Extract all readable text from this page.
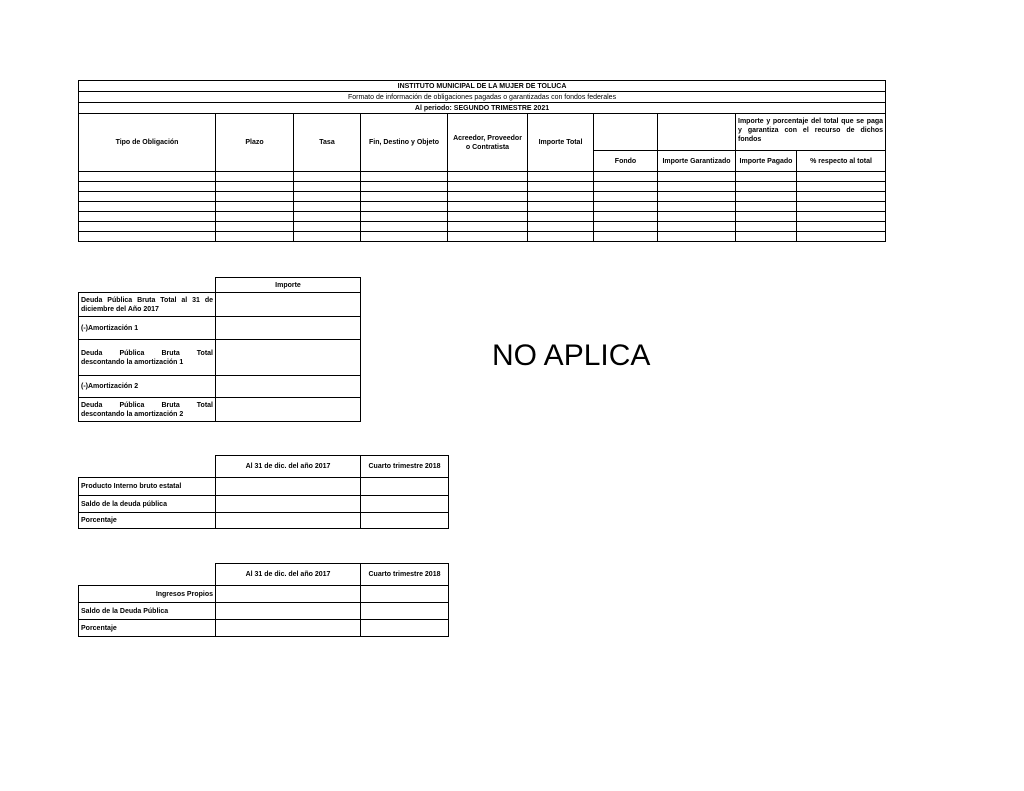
INSTITUTO MUNICIPAL DE LA MUJER DE TOLUCA									
Formato de información de obligaciones pagadas o garantizadas con fondos federales									
Al periodo: SEGUNDO TRIMESTRE 2021									
Tipo de Obligación	Plazo	Tasa	Fin, Destino y Objeto	Acreedor, Proveedor o Contratista	Importe Total			Importe y porcentaje del total que se paga y garantiza con el recurso de dichos fondos	
						Fondo	Importe Garantizado	Importe Pagado	% respecto al total

	Importe
Deuda Pública Bruta Total al 31 de diciembre del Año 2017	
(-)Amortización 1	
Deuda Pública Bruta Total descontando la amortización 1	
(-)Amortización 2	
Deuda Pública Bruta Total descontando la amortización 2	
NO APLICA
	Al 31 de dic. del año 2017	Cuarto trimestre 2018
Producto Interno bruto estatal		
Saldo de la deuda pública		
Porcentaje		
	Al 31 de dic. del año 2017	Cuarto trimestre 2018
Ingresos Propios		
Saldo de la Deuda Pública		
Porcentaje		
